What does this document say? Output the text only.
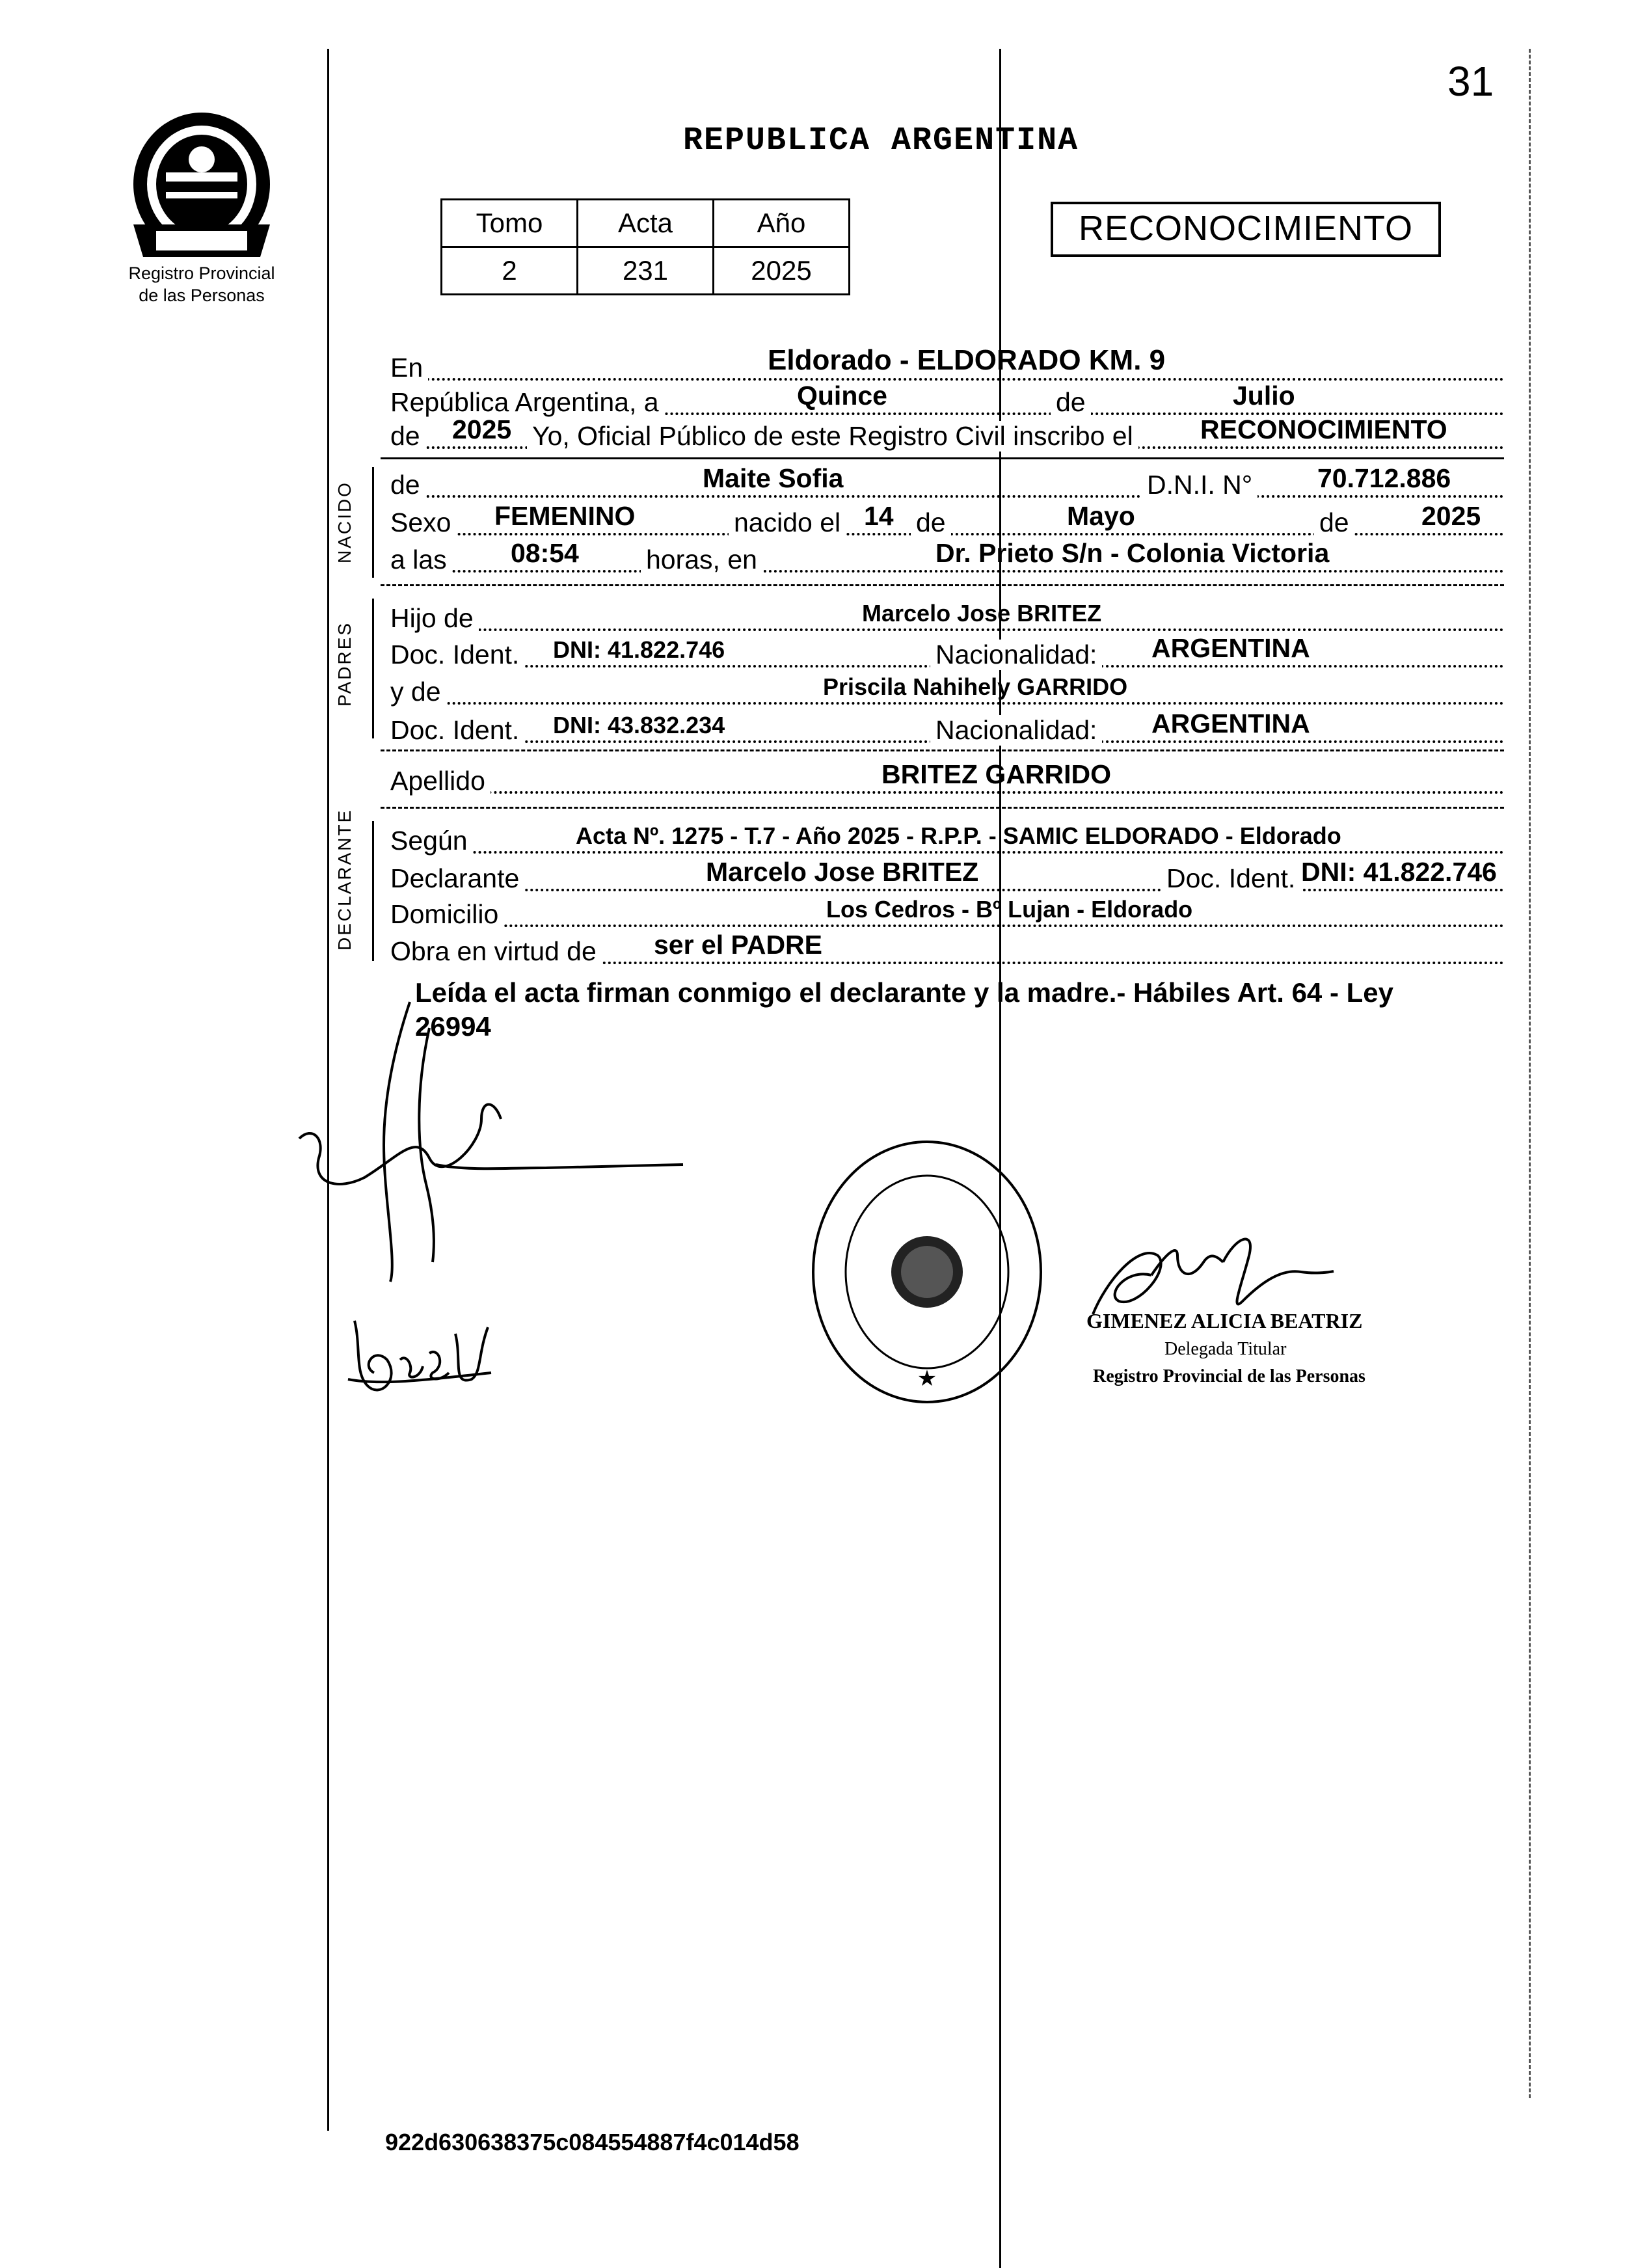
Registro Provincial
de las Personas
31
REPUBLICA ARGENTINA
Tomo	Acta	Año
2	231	2025
RECONOCIMIENTO
En	Eldorado - ELDORADO KM. 9
República Argentina, a	Quince	de	Julio
de 2025 Yo, Oficial Público de este Registro Civil inscribo el	RECONOCIMIENTO
NACIDO de	Maite Sofia	D.N.I. N° 70.712.886
Sexo FEMENINO	nacido el 14 de	Mayo	de	2025
a las 08:54	horas, en	Dr. Prieto S/n - Colonia Victoria
PADRES
Hijo de	Marcelo Jose BRITEZ
Doc. Ident. DNI: 41.822.746	Nacionalidad: ARGENTINA
y de	Priscila Nahihely GARRIDO
Doc. Ident. DNI: 43.832.234	Nacionalidad: ARGENTINA
Apellido	BRITEZ GARRIDO
DECLARANTE Según	Acta Nº. 1275 - T.7 - Año 2025 - R.P.P. - SAMIC ELDORADO - Eldorado
Declarante	Marcelo Jose BRITEZ	Doc. Ident. DNI: 41.822.746
Domicilio	Los Cedros - Bº Lujan - Eldorado
Obra en virtud de ser el PADRE
Leída el acta firman conmigo el declarante y la madre.- Hábiles Art. 64 - Ley
26994
★
GIMENEZ ALICIA BEATRIZ
Delegada Titular
Registro Provincial de las Personas
922d630638375c084554887f4c014d58
